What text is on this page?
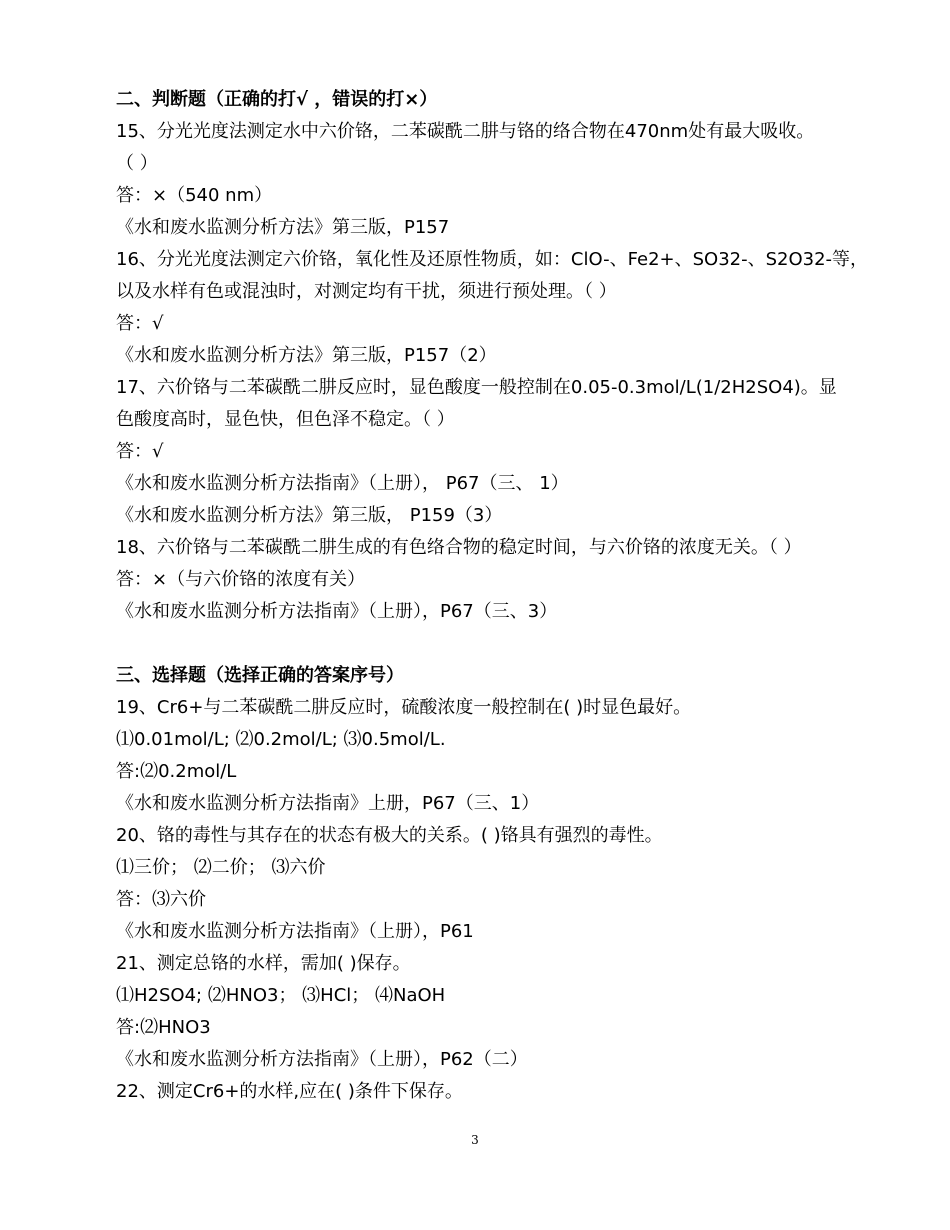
二、判断题（正确的打√ ，错误的打×）
15、分光光度法测定水中六价铬，二苯碳酰二肼与铬的络合物在470nm处有最大吸收。
（ ）
答：×（540 nm）
《水和废水监测分析方法》第三版，P157
16、分光光度法测定六价铬，氧化性及还原性物质，如：ClO-、Fe2+、SO32-、S2O32-等，
以及水样有色或混浊时，对测定均有干扰，须进行预处理。（ ）
答：√
《水和废水监测分析方法》第三版，P157（2）
17、六价铬与二苯碳酰二肼反应时，显色酸度一般控制在0.05-0.3mol/L(1/2H2SO4)。显
色酸度高时，显色快，但色泽不稳定。（ ）
答：√
《水和废水监测分析方法指南》（上册）， P67（三、 1）
《水和废水监测分析方法》第三版， P159（3）
18、六价铬与二苯碳酰二肼生成的有色络合物的稳定时间，与六价铬的浓度无关。（ ）
答：×（与六价铬的浓度有关）
《水和废水监测分析方法指南》（上册），P67（三、3）
三、选择题（选择正确的答案序号）
19、Cr6+与二苯碳酰二肼反应时，硫酸浓度一般控制在( )时显色最好。
⑴0.01mol/L; ⑵0.2mol/L; ⑶0.5mol/L.
答:⑵0.2mol/L
《水和废水监测分析方法指南》上册，P67（三、1）
20、铬的毒性与其存在的状态有极大的关系。( )铬具有强烈的毒性。
⑴三价； ⑵二价； ⑶六价
答：⑶六价
《水和废水监测分析方法指南》（上册），P61
21、测定总铬的水样，需加( )保存。
⑴H2SO4; ⑵HNO3； ⑶HCl； ⑷NaOH
答:⑵HNO3
《水和废水监测分析方法指南》（上册），P62（二）
22、测定Cr6+的水样,应在( )条件下保存。
3
